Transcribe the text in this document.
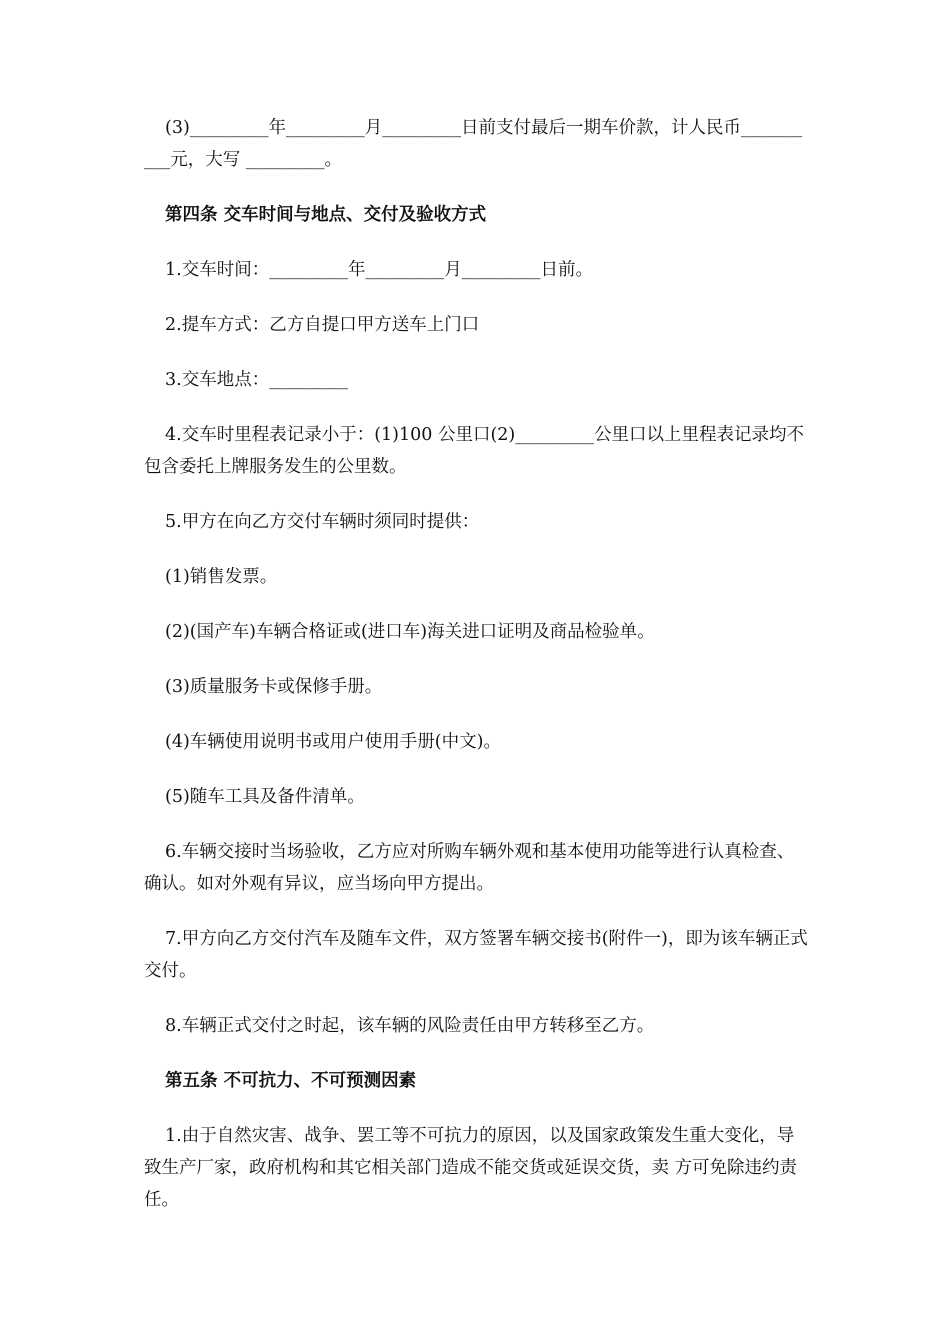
(3)_________年_________月_________日前支付最后一期车价款，计人民币__________元，大写 _________。

第四条 交车时间与地点、交付及验收方式

1.交车时间：_________年_________月_________日前。

2.提车方式：乙方自提口甲方送车上门口

3.交车地点：_________

4.交车时里程表记录小于：(1)100 公里口(2)_________公里口以上里程表记录均不包含委托上牌服务发生的公里数。

5.甲方在向乙方交付车辆时须同时提供：

(1)销售发票。

(2)(国产车)车辆合格证或(进口车)海关进口证明及商品检验单。

(3)质量服务卡或保修手册。

(4)车辆使用说明书或用户使用手册(中文)。

(5)随车工具及备件清单。

6.车辆交接时当场验收，乙方应对所购车辆外观和基本使用功能等进行认真检查、确认。如对外观有异议，应当场向甲方提出。

7.甲方向乙方交付汽车及随车文件，双方签署车辆交接书(附件一)，即为该车辆正式交付。

8.车辆正式交付之时起，该车辆的风险责任由甲方转移至乙方。

第五条 不可抗力、不可预测因素

1.由于自然灾害、战争、罢工等不可抗力的原因，以及国家政策发生重大变化，导致生产厂家，政府机构和其它相关部门造成不能交货或延误交货，卖 方可免除违约责任。
